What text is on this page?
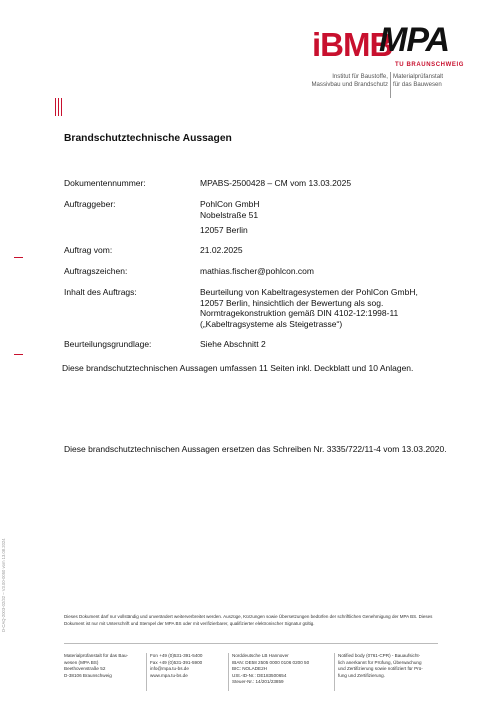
iBMB
MPA
TU BRAUNSCHWEIG
Institut für Baustoffe,
Massivbau und Brandschutz
Materialprüfanstalt
für das Bauwesen
Brandschutztechnische Aussagen
Dokumentennummer:	MPABS-2500428 – CM vom 13.03.2025
Auftraggeber:	PohlCon GmbH
Nobelstraße 51
12057 Berlin
Auftrag vom:	21.02.2025
Auftragszeichen:	mathias.fischer@pohlcon.com
Inhalt des Auftrags:	Beurteilung von Kabeltragesystemen der PohlCon GmbH,
12057 Berlin, hinsichtlich der Bewertung als sog.
Normtragekonstruktion gemäß DIN 4102-12:1998-11
(„Kabeltragsysteme als Steigetrasse“)
Beurteilungsgrundlage:	Siehe Abschnitt 2
Diese brandschutztechnischen Aussagen umfassen 11 Seiten inkl. Deckblatt und 10 Anlagen.
Diese brandschutztechnischen Aussagen ersetzen das Schreiben Nr. 3335/722/11-4 vom 13.03.2020.
D-CAQ-2003-02/32 – V3.00-0050 vom 13.08.2024	Dieses Dokument darf nur vollständig und unverändert weiterverbreitet werden. Auszüge, Kürzungen sowie Übersetzungen bedürfen der schriftlichen Genehmigung der MPA BS. Dieses Dokument ist nur mit Unterschrift und Stempel der MPA BS oder mit verifizierbarer, qualifizierter elektronischer Signatur gültig.
Materialprüfanstalt für das Bau-
wesen (MPA BS)
Beethovenstraße 52
D-38106 Braunschweig
Fon +49 (0)531-391-5400
Fax +49 (0)531-391-5900
info@mpa.tu-bs.de
www.mpa.tu-bs.de
Norddeutsche LB Hannover
IBAN: DE58 2505 0000 0106 0200 50
BIC: NOLADE2H
USt.-ID-Nr.: DE183500654
Steuer-Nr.: 14/201/23859
Notified body (0761-CPR) - Bauaufsicht-
lich anerkannt für Prüfung, Überwachung
und Zertifizierung sowie notifiziert für Prü-
fung und Zertifizierung.
